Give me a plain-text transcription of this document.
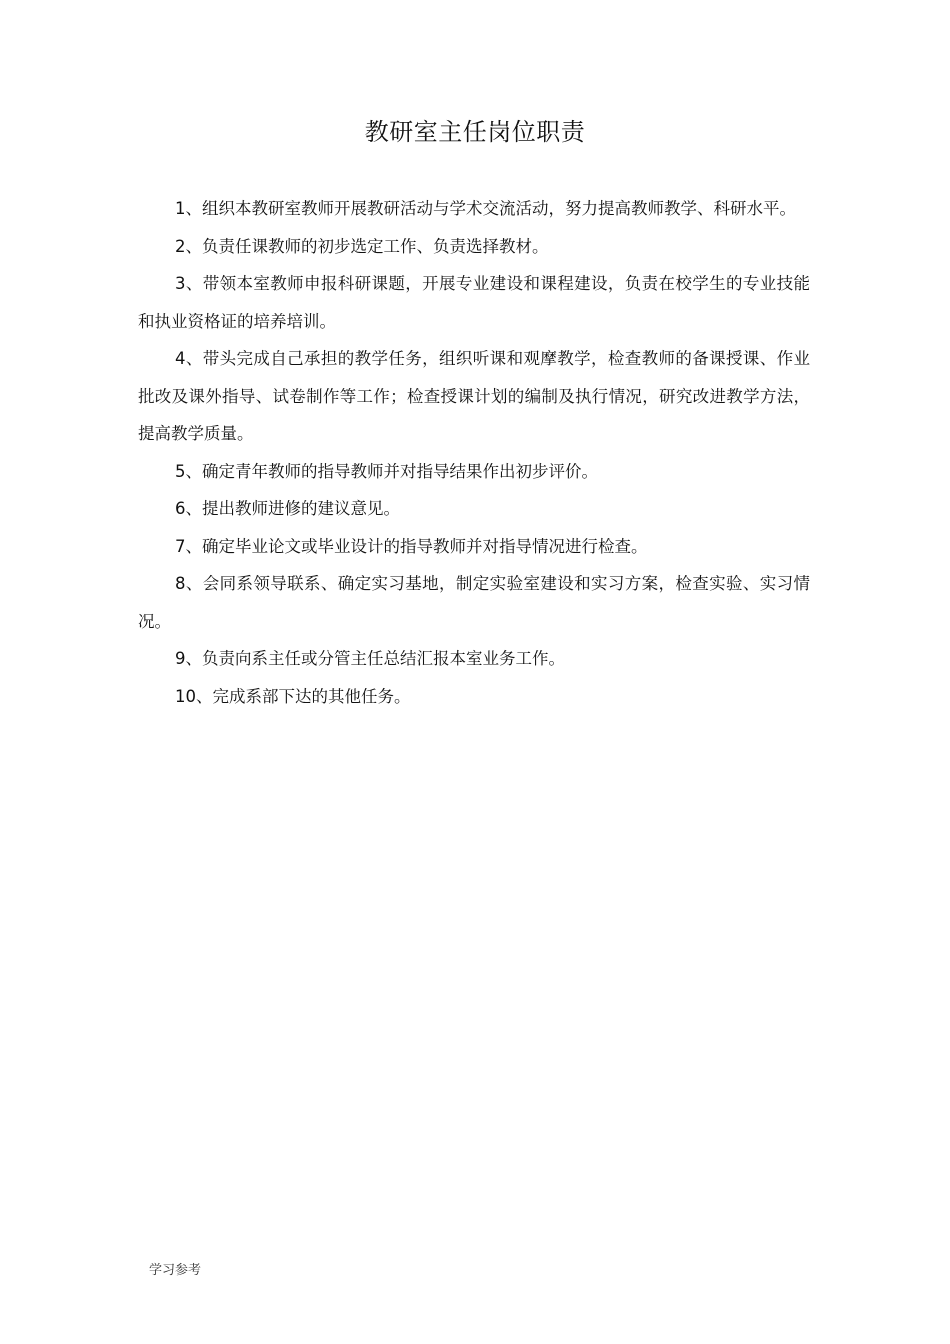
教研室主任岗位职责

1、组织本教研室教师开展教研活动与学术交流活动，努力提高教师教学、科研水平。

2、负责任课教师的初步选定工作、负责选择教材。

3、带领本室教师申报科研课题，开展专业建设和课程建设，负责在校学生的专业技能和执业资格证的培养培训。

4、带头完成自己承担的教学任务，组织听课和观摩教学，检查教师的备课授课、作业批改及课外指导、试卷制作等工作；检查授课计划的编制及执行情况，研究改进教学方法，提高教学质量。

5、确定青年教师的指导教师并对指导结果作出初步评价。

6、提出教师进修的建议意见。

7、确定毕业论文或毕业设计的指导教师并对指导情况进行检查。

8、会同系领导联系、确定实习基地，制定实验室建设和实习方案，检查实验、实习情况。

9、负责向系主任或分管主任总结汇报本室业务工作。

10、完成系部下达的其他任务。

学习参考
